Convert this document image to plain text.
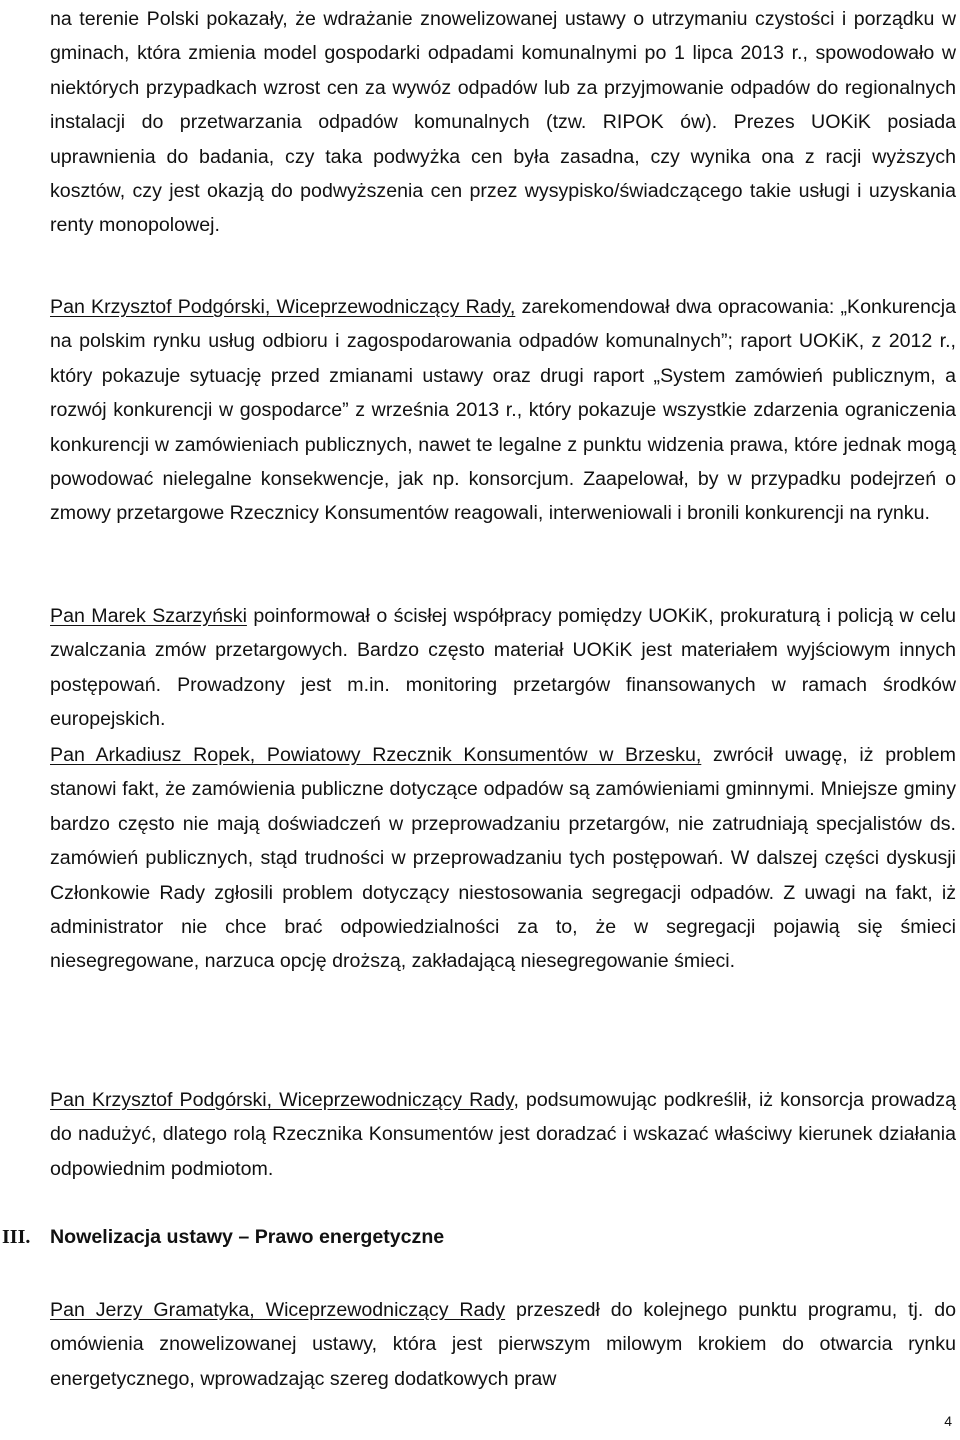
na terenie Polski pokazały, że wdrażanie znowelizowanej ustawy o utrzymaniu czystości i porządku w gminach, która zmienia model gospodarki odpadami komunalnymi po 1 lipca 2013 r., spowodowało w niektórych przypadkach wzrost cen za wywóz odpadów lub za przyjmowanie odpadów do regionalnych instalacji do przetwarzania odpadów komunalnych (tzw. RIPOK ów). Prezes UOKiK posiada uprawnienia do badania, czy taka podwyżka cen była zasadna, czy wynika ona z racji wyższych kosztów, czy jest okazją do podwyższenia cen przez wysypisko/świadczącego takie usługi i uzyskania renty monopolowej.

Pan Krzysztof Podgórski, Wiceprzewodniczący Rady, zarekomendował dwa opracowania: „Konkurencja na polskim rynku usług odbioru i zagospodarowania odpadów komunalnych”; raport UOKiK, z 2012 r., który pokazuje sytuację przed zmianami ustawy oraz drugi raport „System zamówień publicznym, a rozwój konkurencji w gospodarce” z września 2013 r., który pokazuje wszystkie zdarzenia ograniczenia konkurencji w zamówieniach publicznych, nawet te legalne z punktu widzenia prawa, które jednak mogą powodować nielegalne konsekwencje, jak np. konsorcjum. Zaapelował, by w przypadku podejrzeń o zmowy przetargowe Rzecznicy Konsumentów reagowali, interweniowali i bronili konkurencji na rynku.

Pan Marek Szarzyński poinformował o ścisłej współpracy pomiędzy UOKiK, prokuraturą i policją w celu zwalczania zmów przetargowych. Bardzo często materiał UOKiK jest materiałem wyjściowym innych postępowań. Prowadzony jest m.in. monitoring przetargów finansowanych w ramach środków europejskich.

Pan Arkadiusz Ropek, Powiatowy Rzecznik Konsumentów w Brzesku, zwrócił uwagę, iż problem stanowi fakt, że zamówienia publiczne dotyczące odpadów są zamówieniami gminnymi. Mniejsze gminy bardzo często nie mają doświadczeń w przeprowadzaniu przetargów, nie zatrudniają specjalistów ds. zamówień publicznych, stąd trudności w przeprowadzaniu tych postępowań. W dalszej części dyskusji Członkowie Rady zgłosili problem dotyczący niestosowania segregacji odpadów. Z uwagi na fakt, iż administrator nie chce brać odpowiedzialności za to, że w segregacji pojawią się śmieci niesegregowane, narzuca opcję droższą, zakładającą niesegregowanie śmieci.

Pan Krzysztof Podgórski, Wiceprzewodniczący Rady, podsumowując podkreślił, iż konsorcja prowadzą do nadużyć, dlatego rolą Rzecznika Konsumentów jest doradzać i wskazać właściwy kierunek działania odpowiednim podmiotom.

III. Nowelizacja ustawy – Prawo energetyczne

Pan Jerzy Gramatyka, Wiceprzewodniczący Rady przeszedł do kolejnego punktu programu, tj. do omówienia znowelizowanej ustawy, która jest pierwszym milowym krokiem do otwarcia rynku energetycznego, wprowadzając szereg dodatkowych praw

4
